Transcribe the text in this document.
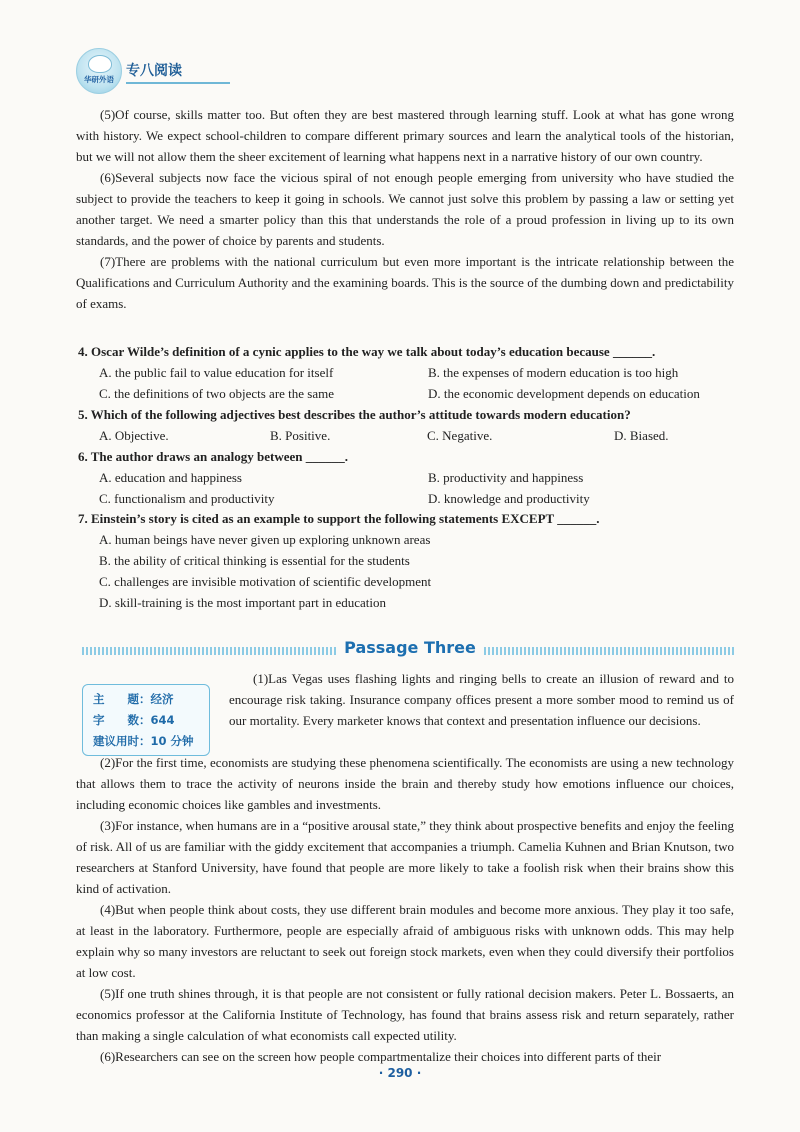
华研外语
专八阅读

(5)Of course, skills matter too. But often they are best mastered through learning stuff. Look at what has gone wrong with history. We expect school-children to compare different primary sources and learn the analytical tools of the historian, but we will not allow them the sheer excitement of learning what happens next in a narrative history of our own country.

(6)Several subjects now face the vicious spiral of not enough people emerging from university who have studied the subject to provide the teachers to keep it going in schools. We cannot just solve this problem by passing a law or setting yet another target. We need a smarter policy than this that understands the role of a proud profession in living up to its own standards, and the power of choice by parents and students.

(7)There are problems with the national curriculum but even more important is the intricate relationship between the Qualifications and Curriculum Authority and the examining boards. This is the source of the dumbing down and predictability of exams.

4. Oscar Wilde’s definition of a cynic applies to the way we talk about today’s education because ______.

A. the public fail to value education for itself	B. the expenses of modern education is too high
C. the definitions of two objects are the same	D. the economic development depends on education

5. Which of the following adjectives best describes the author’s attitude towards modern education?

A. Objective.	B. Positive.	C. Negative.	D. Biased.

6. The author draws an analogy between ______.

A. education and happiness	B. productivity and happiness
C. functionalism and productivity	D. knowledge and productivity

7. Einstein’s story is cited as an example to support the following statements EXCEPT ______.

A. human beings have never given up exploring unknown areas
B. the ability of critical thinking is essential for the students
C. challenges are invisible motivation of scientific development
D. skill-training is the most important part in education
Passage Three
主　　题：经济
字　　数：644
建议用时：10 分钟

(1)Las Vegas uses flashing lights and ringing bells to create an illusion of reward and to encourage risk taking. Insurance company offices present a more somber mood to remind us of our mortality. Every marketer knows that context and presentation influence our decisions.

(2)For the first time, economists are studying these phenomena scientifically. The economists are using a new technology that allows them to trace the activity of neurons inside the brain and thereby study how emotions influence our choices, including economic choices like gambles and investments.

(3)For instance, when humans are in a “positive arousal state,” they think about prospective benefits and enjoy the feeling of risk. All of us are familiar with the giddy excitement that accompanies a triumph. Camelia Kuhnen and Brian Knutson, two researchers at Stanford University, have found that people are more likely to take a foolish risk when their brains show this kind of activation.

(4)But when people think about costs, they use different brain modules and become more anxious. They play it too safe, at least in the laboratory. Furthermore, people are especially afraid of ambiguous risks with unknown odds. This may help explain why so many investors are reluctant to seek out foreign stock markets, even when they could diversify their portfolios at low cost.

(5)If one truth shines through, it is that people are not consistent or fully rational decision makers. Peter L. Bossaerts, an economics professor at the California Institute of Technology, has found that brains assess risk and return separately, rather than making a single calculation of what economists call expected utility.

(6)Researchers can see on the screen how people compartmentalize their choices into different parts of their

· 290 ·
